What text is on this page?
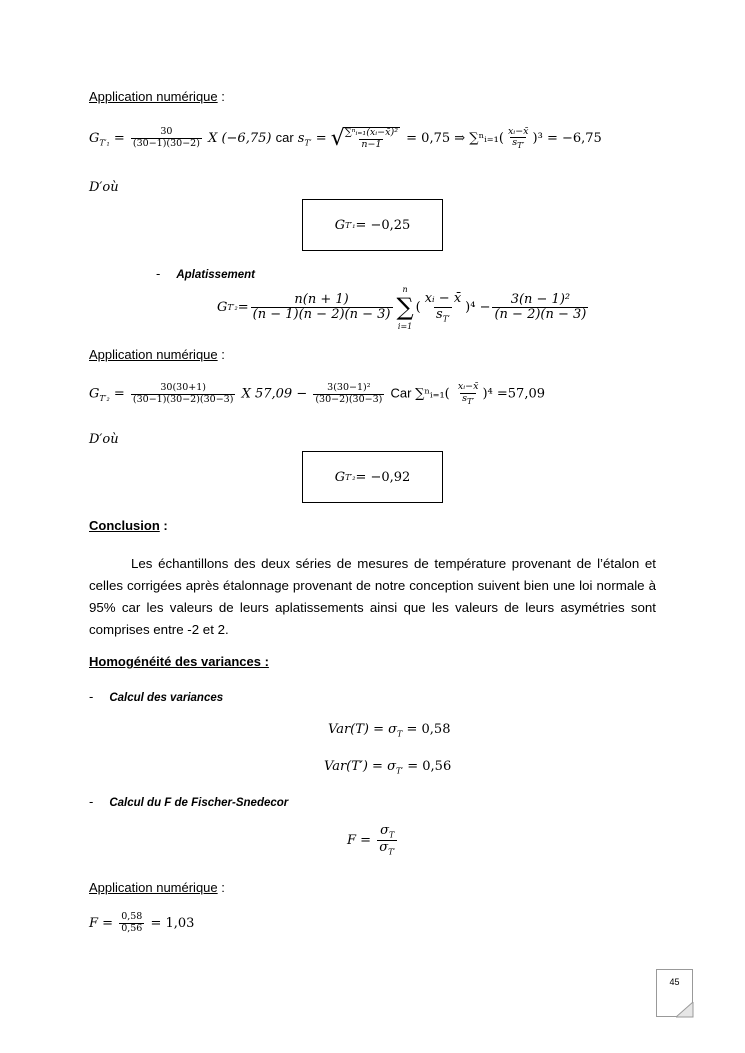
Application numérique :
$G_{T'_1} = \frac{30}{(30-1)(30-2)}$ X (−6,75) car $s_{T'}$ = √
$\frac{\text{∑ⁿᵢ₌₁(xᵢ−x̄)²}}{n-1} = 0,75$ ⇒ ∑ⁿᵢ₌₁( $\frac{\text{xᵢ−x̄}}{s_{T'}} )^3 = -6,75$
D′où
G T′₁ = −0,25
- Aplatissement
G $T'_2 = \frac{n(n + 1)}{(n - 1)(n - 2)(n - 3)}$
n
∑
i=1
( $\frac{\text{xᵢ − x̄}}{s_{T'}} )^4 - \frac{\text{3(n − 1)²}}{(n - 2)(n - 3)}$
Application numérique :
$G_{T'_2} = \frac{30(30+1)}{(30-1)(30-2)(30-3)}$ X $57,09 - \frac{\text{3(30−1)²}}{(30-2)(30-3)}$ Car ∑ⁿᵢ₌₁( $\frac{\text{xᵢ−x̄}}{s_{T'}} )^4 =57,09$
D′où
G T′₂ = −0,92
Conclusion :
Les échantillons des deux séries de mesures de température provenant de l’étalon et celles corrigées après étalonnage provenant de notre conception suivent bien une loi normale à 95% car les valeurs de leurs aplatissements ainsi que les valeurs de leurs asymétries sont comprises entre -2 et 2.
Homogénéité des variances :
- Calcul des variances
$Var(T) = \sigma_T = 0,58$
$Var(T') = \sigma_{T'} = 0,56$
- Calcul du F de Fischer-Snedecor
$F = \frac{\sigma_T}{\sigma_{T'}}$
Application numérique :
$F = \frac{0,58}{0,56} = 1,03$
45
